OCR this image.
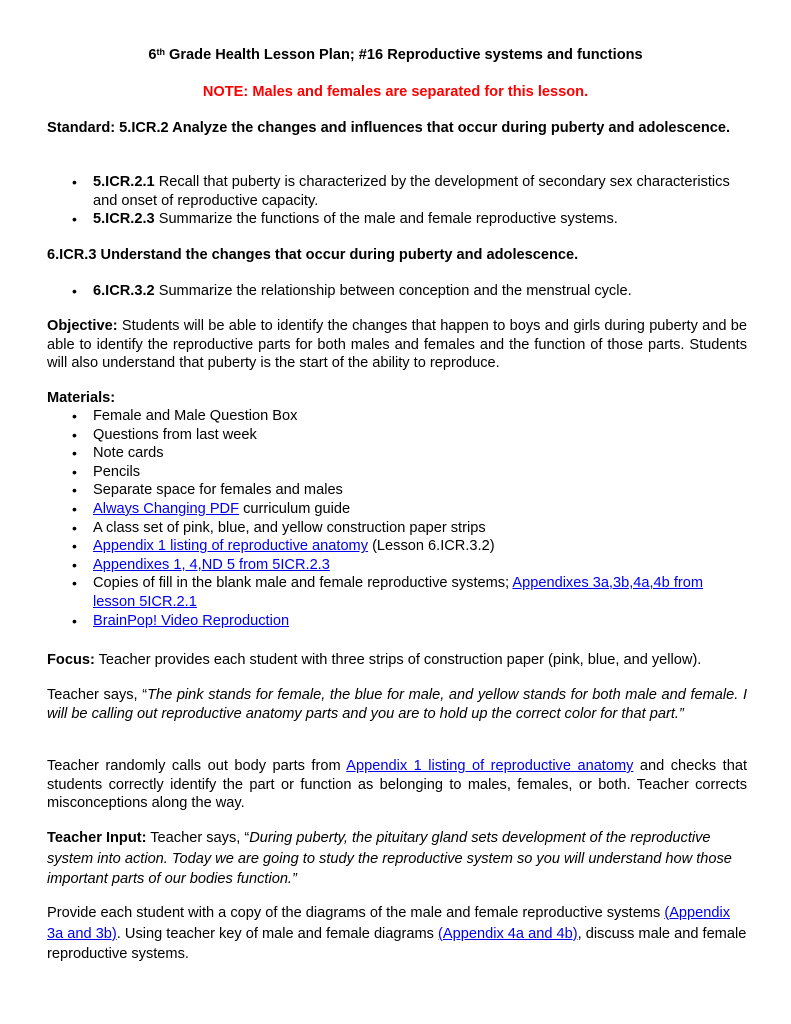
6th Grade Health Lesson Plan; #16 Reproductive systems and functions
NOTE: Males and females are separated for this lesson.
Standard: 5.ICR.2 Analyze the changes and influences that occur during puberty and adolescence.
• 5.ICR.2.1 Recall that puberty is characterized by the development of secondary sex characteristics and onset of reproductive capacity.
• 5.ICR.2.3 Summarize the functions of the male and female reproductive systems.
6.ICR.3 Understand the changes that occur during puberty and adolescence.
• 6.ICR.3.2 Summarize the relationship between conception and the menstrual cycle.
Objective: Students will be able to identify the changes that happen to boys and girls during puberty and be able to identify the reproductive parts for both males and females and the function of those parts. Students will also understand that puberty is the start of the ability to reproduce.
Materials:
• Female and Male Question Box
• Questions from last week
• Note cards
• Pencils
• Separate space for females and males
• Always Changing PDF curriculum guide
• A class set of pink, blue, and yellow construction paper strips
• Appendix 1 listing of reproductive anatomy (Lesson 6.ICR.3.2)
• Appendixes 1, 4,ND 5 from 5ICR.2.3
• Copies of fill in the blank male and female reproductive systems; Appendixes 3a,3b,4a,4b from lesson 5ICR.2.1
• BrainPop! Video Reproduction
Focus: Teacher provides each student with three strips of construction paper (pink, blue, and yellow).
Teacher says, “The pink stands for female, the blue for male, and yellow stands for both male and female. I will be calling out reproductive anatomy parts and you are to hold up the correct color for that part.”
Teacher randomly calls out body parts from Appendix 1 listing of reproductive anatomy and checks that students correctly identify the part or function as belonging to males, females, or both. Teacher corrects misconceptions along the way.
Teacher Input: Teacher says, “During puberty, the pituitary gland sets development of the reproductive system into action. Today we are going to study the reproductive system so you will understand how those important parts of our bodies function.”
Provide each student with a copy of the diagrams of the male and female reproductive systems (Appendix 3a and 3b). Using teacher key of male and female diagrams (Appendix 4a and 4b), discuss male and female reproductive systems.
